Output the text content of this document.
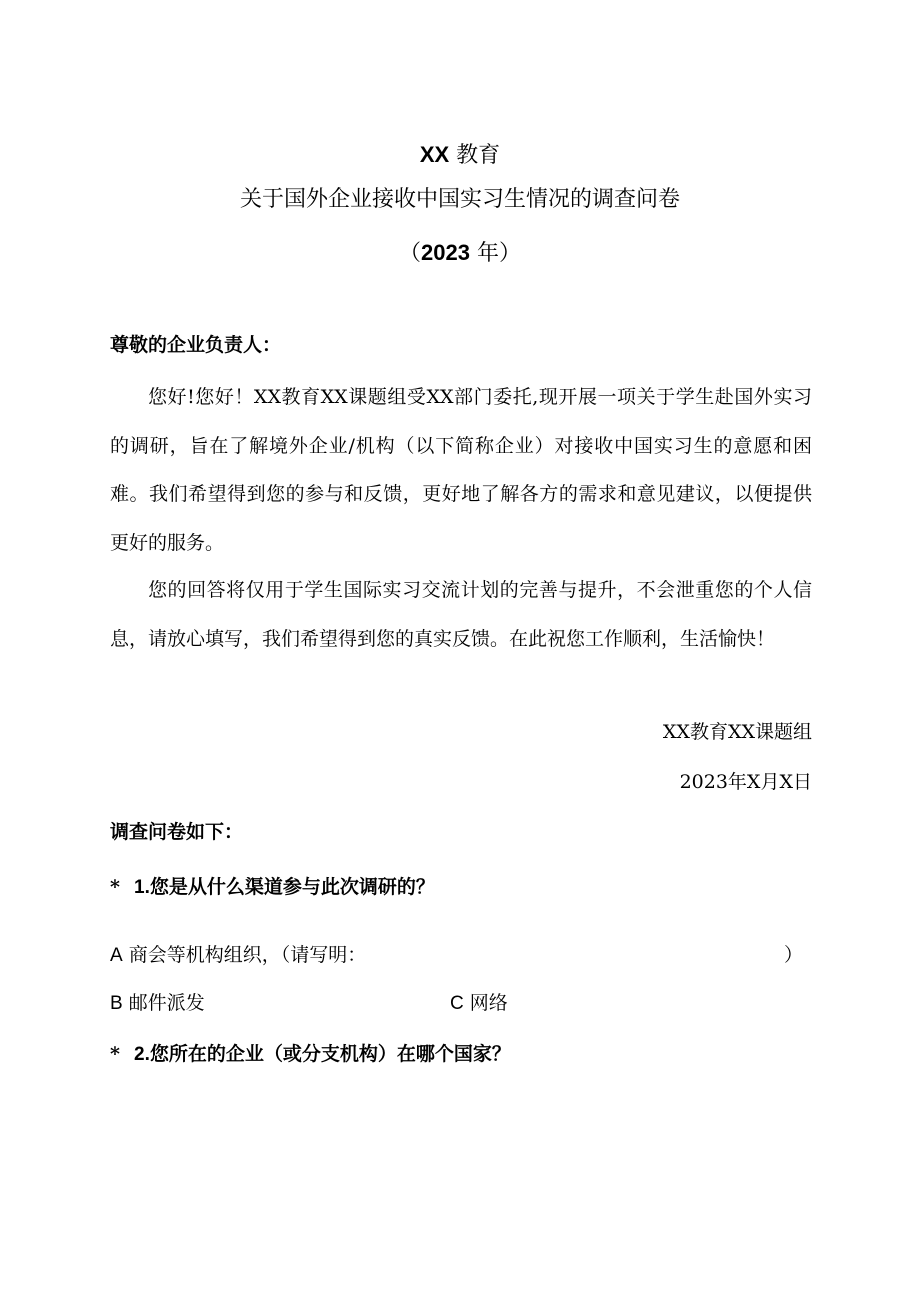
XX 教育
关于国外企业接收中国实习生情况的调查问卷
（2023 年）
尊敬的企业负责人：

您好!您好！XX教育XX课题组受XX部门委托,现开展一项关于学生赴国外实习的调研，旨在了解境外企业/机构（以下简称企业）对接收中国实习生的意愿和困难。我们希望得到您的参与和反馈，更好地了解各方的需求和意见建议，以便提供更好的服务。

您的回答将仅用于学生国际实习交流计划的完善与提升，不会泄重您的个人信息，请放心填写，我们希望得到您的真实反馈。在此祝您工作顺利，生活愉快！

XX教育XX课题组
2023年X月X日
调查问卷如下：
* 1.您是从什么渠道参与此次调研的？
A 商会等机构组织，（请写明：	）
B 邮件派发	C 网络
* 2.您所在的企业（或分支机构）在哪个国家？
